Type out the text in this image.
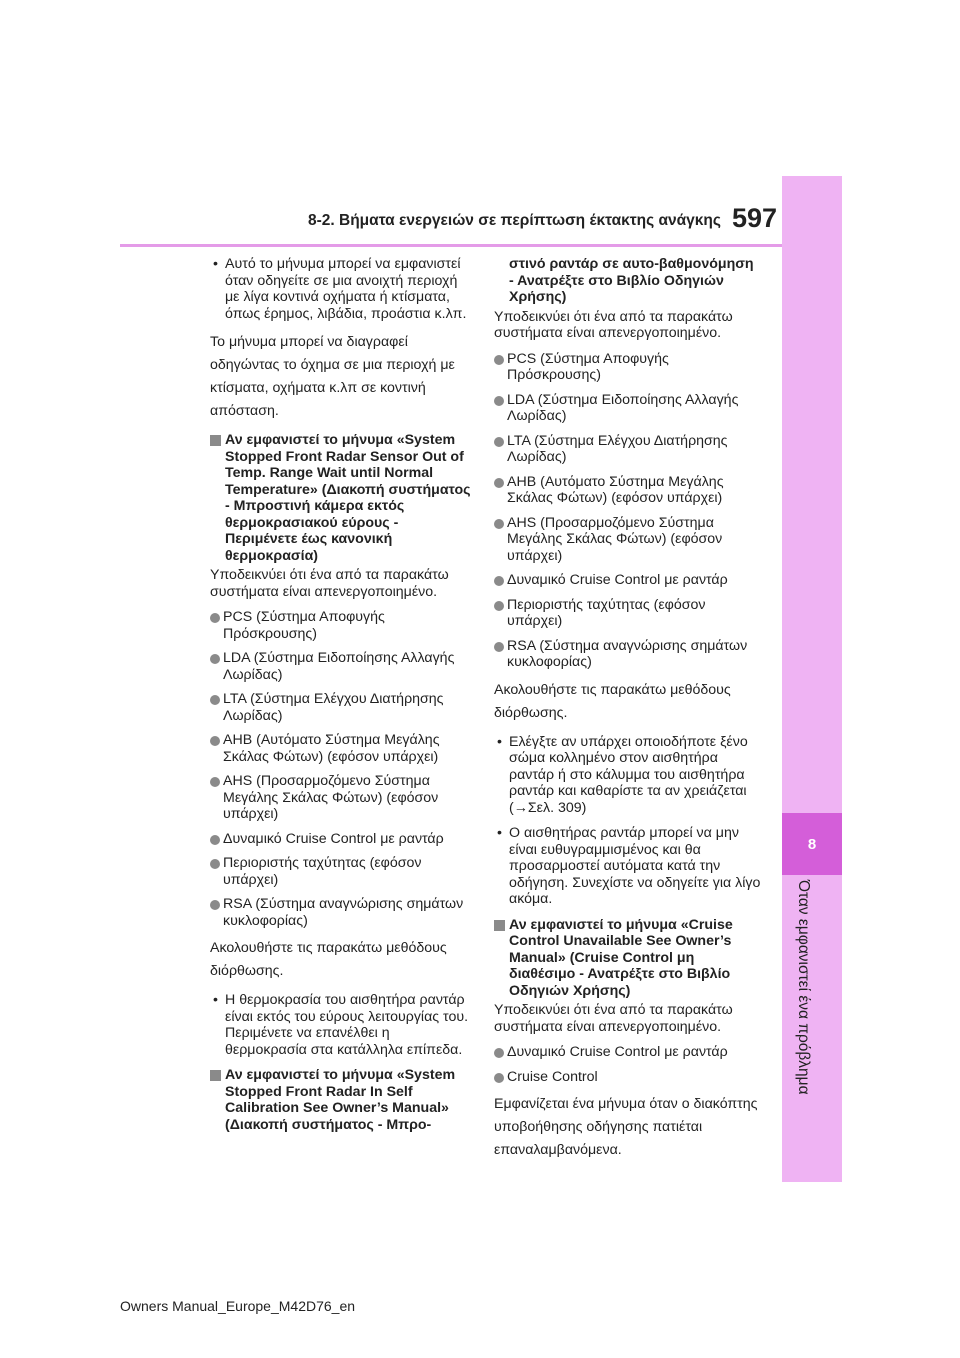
8
Όταν εμφανιστεί ένα πρόβλημα
8-2. Βήματα ενεργειών σε περίπτωση έκτακτης ανάγκης 597
• Αυτό το μήνυμα μπορεί να εμφανιστεί όταν οδηγείτε σε μια ανοιχτή περιοχή με λίγα κοντινά οχήματα ή κτίσματα, όπως έρημος, λιβάδια, προάστια κ.λπ.
Το μήνυμα μπορεί να διαγραφεί οδηγώντας το όχημα σε μια περιοχή με κτίσματα, οχήματα κ.λπ σε κοντινή απόσταση.
Αν εμφανιστεί το μήνυμα «System Stopped Front Radar Sensor Out of Temp. Range Wait until Normal Temperature» (Διακοπή συστήματος - Μπροστινή κάμερα εκτός θερμοκρασιακού εύρους - Περιμένετε έως κανονική θερμοκρασία)
Υποδεικνύει ότι ένα από τα παρακάτω συστήματα είναι απενεργοποιημένο.
PCS (Σύστημα Αποφυγής Πρόσκρουσης)
LDA (Σύστημα Ειδοποίησης Αλλαγής Λωρίδας)
LTA (Σύστημα Ελέγχου Διατήρησης Λωρίδας)
AHB (Αυτόματο Σύστημα Μεγάλης Σκάλας Φώτων) (εφόσον υπάρχει)
AHS (Προσαρμοζόμενο Σύστημα Μεγάλης Σκάλας Φώτων) (εφόσον υπάρχει)
Δυναμικό Cruise Control με ραντάρ
Περιοριστής ταχύτητας (εφόσον υπάρχει)
RSA (Σύστημα αναγνώρισης σημάτων κυκλοφορίας)
Ακολουθήστε τις παρακάτω μεθόδους διόρθωσης.
• Η θερμοκρασία του αισθητήρα ραντάρ είναι εκτός του εύρους λειτουργίας του. Περιμένετε να επανέλθει η θερμοκρασία στα κατάλληλα επίπεδα.
Αν εμφανιστεί το μήνυμα «System Stopped Front Radar In Self Calibration See Owner’s Manual» (Διακοπή συστήματος - Μπρο-
στινό ραντάρ σε αυτο-βαθμονόμηση - Ανατρέξτε στο Βιβλίο Οδηγιών Χρήσης)
Υποδεικνύει ότι ένα από τα παρακάτω συστήματα είναι απενεργοποιημένο.
PCS (Σύστημα Αποφυγής Πρόσκρουσης)
LDA (Σύστημα Ειδοποίησης Αλλαγής Λωρίδας)
LTA (Σύστημα Ελέγχου Διατήρησης Λωρίδας)
AHB (Αυτόματο Σύστημα Μεγάλης Σκάλας Φώτων) (εφόσον υπάρχει)
AHS (Προσαρμοζόμενο Σύστημα Μεγάλης Σκάλας Φώτων) (εφόσον υπάρχει)
Δυναμικό Cruise Control με ραντάρ
Περιοριστής ταχύτητας (εφόσον υπάρχει)
RSA (Σύστημα αναγνώρισης σημάτων κυκλοφορίας)
Ακολουθήστε τις παρακάτω μεθόδους διόρθωσης.
• Ελέγξτε αν υπάρχει οποιοδήποτε ξένο σώμα κολλημένο στον αισθητήρα ραντάρ ή στο κάλυμμα του αισθητήρα ραντάρ και καθαρίστε τα αν χρειάζεται (→Σελ. 309)
• Ο αισθητήρας ραντάρ μπορεί να μην είναι ευθυγραμμισμένος και θα προσαρμοστεί αυτόματα κατά την οδήγηση. Συνεχίστε να οδηγείτε για λίγο ακόμα.
Αν εμφανιστεί το μήνυμα «Cruise Control Unavailable See Owner’s Manual» (Cruise Control μη διαθέσιμο - Ανατρέξτε στο Βιβλίο Οδηγιών Χρήσης)
Υποδεικνύει ότι ένα από τα παρακάτω συστήματα είναι απενεργοποιημένο.
Δυναμικό Cruise Control με ραντάρ
Cruise Control
Εμφανίζεται ένα μήνυμα όταν ο διακόπτης υποβοήθησης οδήγησης πατιέται επαναλαμβανόμενα.
Owners Manual_Europe_M42D76_en
